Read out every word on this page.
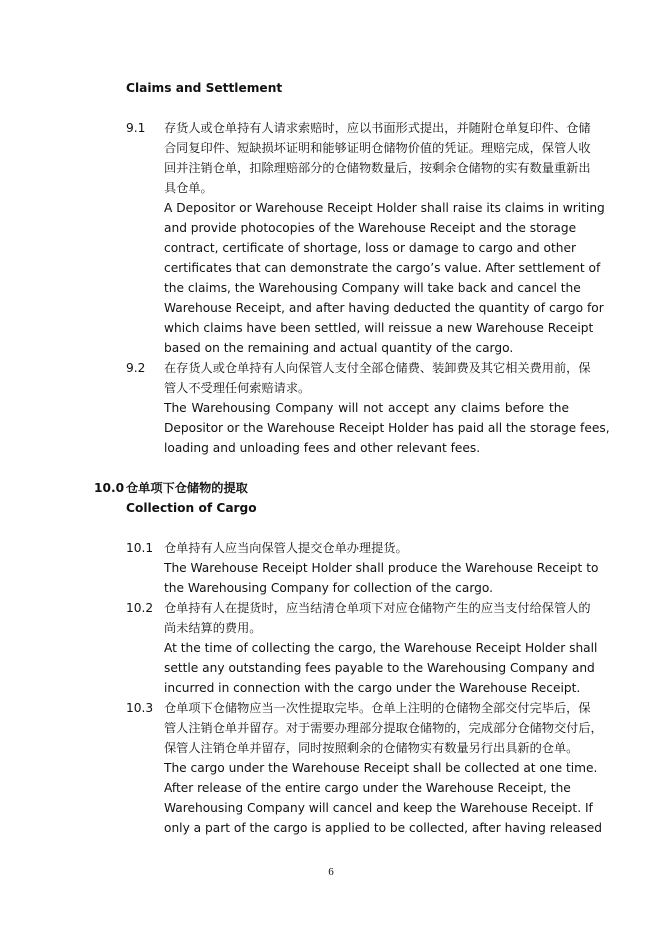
Claims and Settlement
10.0 仓单项下仓储物的提取
Collection of Cargo
9.1 存货人或仓单持有人请求索赔时，应以书面形式提出，并随附仓单复印件、仓储
合同复印件、短缺损坏证明和能够证明仓储物价值的凭证。理赔完成，保管人收
回并注销仓单，扣除理赔部分的仓储物数量后，按剩余仓储物的实有数量重新出
具仓单。
A Depositor or Warehouse Receipt Holder shall raise its claims in writing
and provide photocopies of the Warehouse Receipt and the storage
contract, certificate of shortage, loss or damage to cargo and other
certificates that can demonstrate the cargo’s value. After settlement of
the claims, the Warehousing Company will take back and cancel the
Warehouse Receipt, and after having deducted the quantity of cargo for
which claims have been settled, will reissue a new Warehouse Receipt
based on the remaining and actual quantity of the cargo.
9.2 在存货人或仓单持有人向保管人支付全部仓储费、装卸费及其它相关费用前，保
管人不受理任何索赔请求。
The Warehousing Company will not accept any claims before the
Depositor or the Warehouse Receipt Holder has paid all the storage fees,
loading and unloading fees and other relevant fees.
10.1 仓单持有人应当向保管人提交仓单办理提货。
The Warehouse Receipt Holder shall produce the Warehouse Receipt to
the Warehousing Company for collection of the cargo.
10.2 仓单持有人在提货时，应当结清仓单项下对应仓储物产生的应当支付给保管人的
尚未结算的费用。
At the time of collecting the cargo, the Warehouse Receipt Holder shall
settle any outstanding fees payable to the Warehousing Company and
incurred in connection with the cargo under the Warehouse Receipt.
10.3 仓单项下仓储物应当一次性提取完毕。仓单上注明的仓储物全部交付完毕后，保
管人注销仓单并留存。对于需要办理部分提取仓储物的，完成部分仓储物交付后，
保管人注销仓单并留存，同时按照剩余的仓储物实有数量另行出具新的仓单。
The cargo under the Warehouse Receipt shall be collected at one time.
After release of the entire cargo under the Warehouse Receipt, the
Warehousing Company will cancel and keep the Warehouse Receipt. If
only a part of the cargo is applied to be collected, after having released
6
